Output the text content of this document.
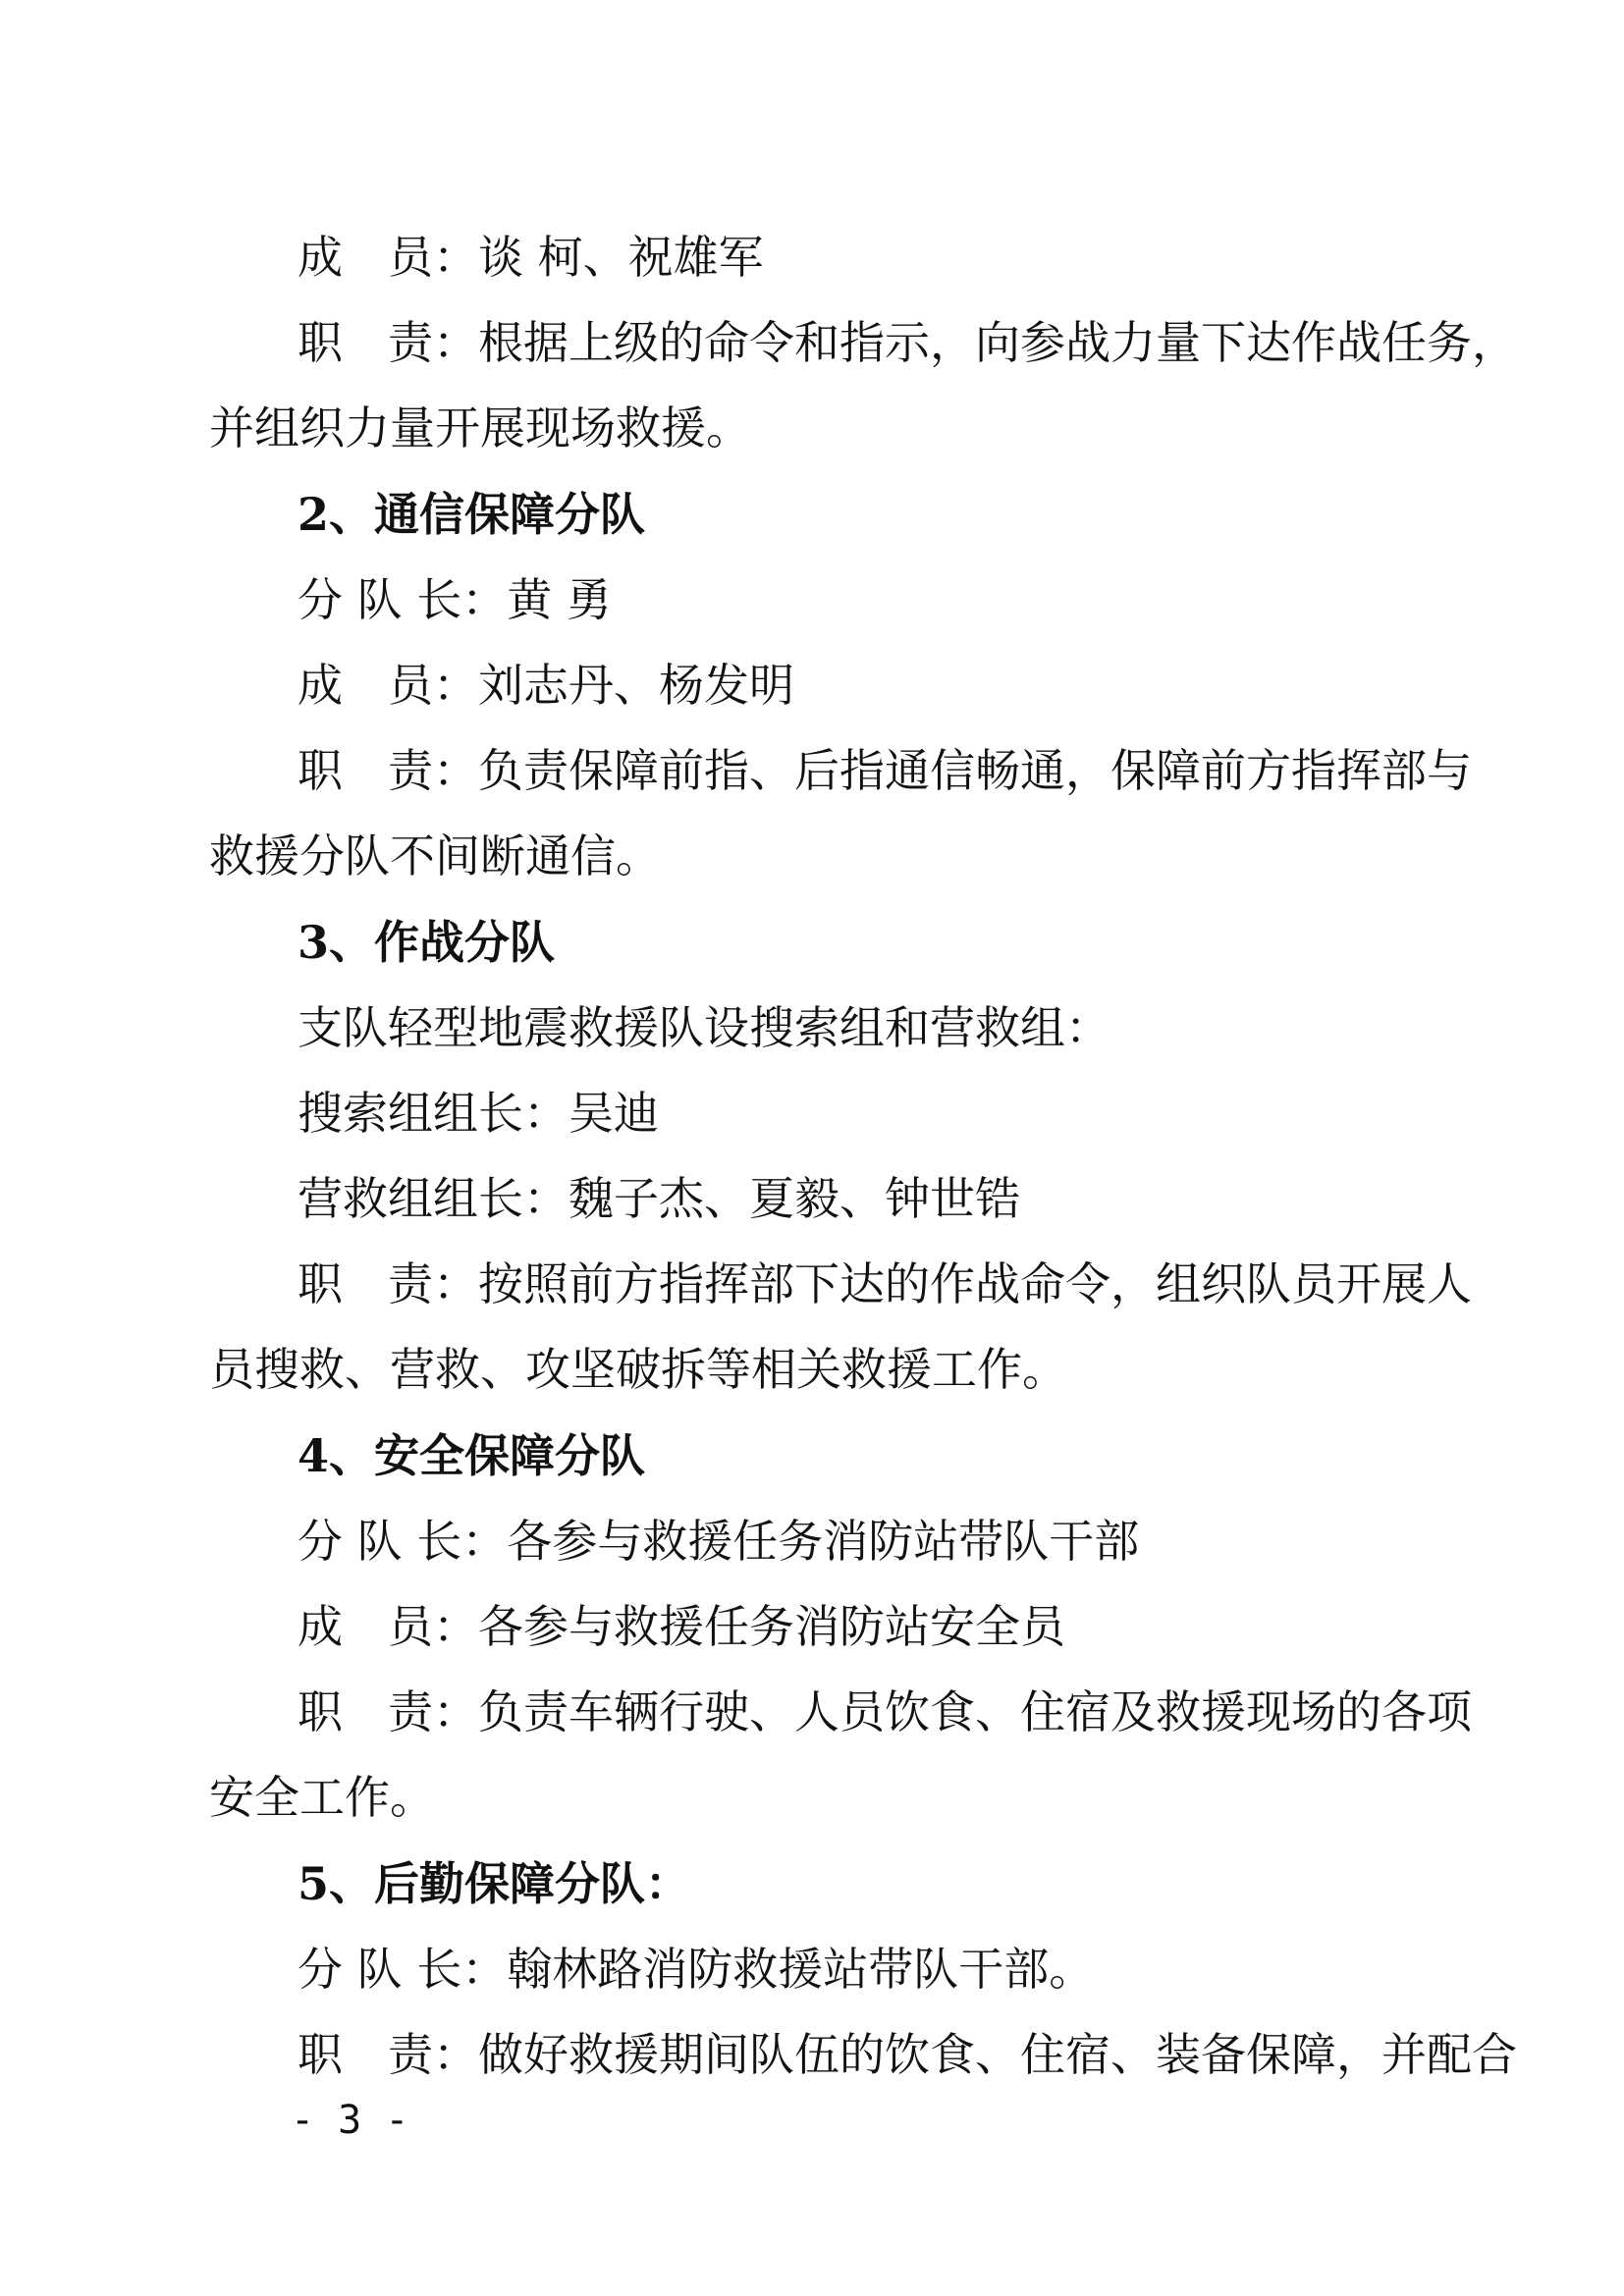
成　员：谈 柯、祝雄军
职　责：根据上级的命令和指示，向参战力量下达作战任务，
并组织力量开展现场救援。
2、通信保障分队
分 队 长：黄 勇
成　员：刘志丹、杨发明
职　责：负责保障前指、后指通信畅通，保障前方指挥部与
救援分队不间断通信。
3、作战分队
支队轻型地震救援队设搜索组和营救组：
搜索组组长：吴迪
营救组组长：魏子杰、夏毅、钟世锆
职　责：按照前方指挥部下达的作战命令，组织队员开展人
员搜救、营救、攻坚破拆等相关救援工作。
4、安全保障分队
分 队 长：各参与救援任务消防站带队干部
成　员：各参与救援任务消防站安全员
职　责：负责车辆行驶、人员饮食、住宿及救援现场的各项
安全工作。
5、后勤保障分队：
分 队 长：翰林路消防救援站带队干部。
职　责：做好救援期间队伍的饮食、住宿、装备保障，并配合
- 3 -
